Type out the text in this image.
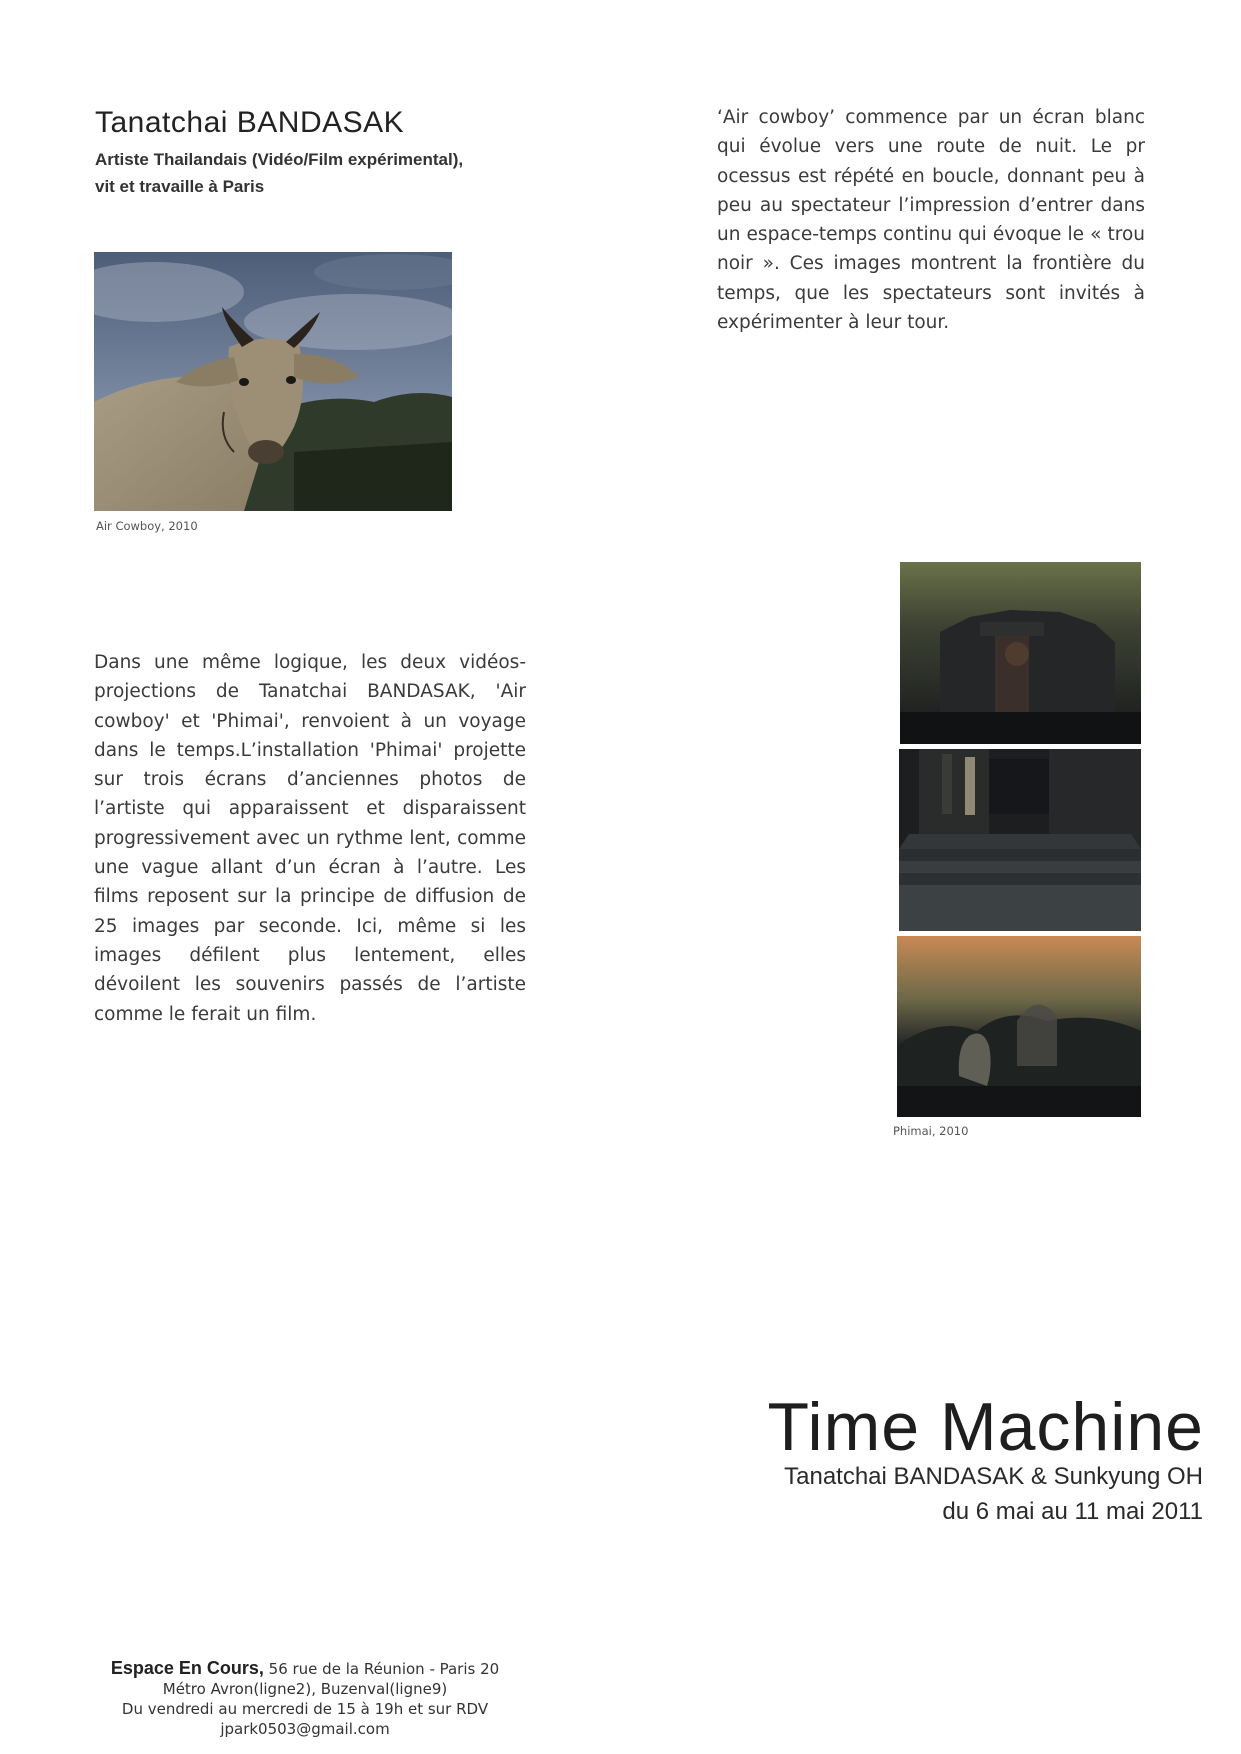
Tanatchai BANDASAK
Artiste Thailandais (Vidéo/Film expérimental),
vit et travaille à Paris
‘Air cowboy’ commence par un écran blanc qui évolue vers une route de nuit. Le pr ocessus est répété en boucle, donnant peu à peu au spectateur l’impression d’entrer dans un espace-temps continu qui évoque le « trou noir ». Ces images montrent la frontière du temps, que les spectateurs sont invités à expérimenter à leur tour.
Air Cowboy, 2010
Dans une même logique, les deux vidéos-projections de Tanatchai BANDASAK, 'Air cowboy' et 'Phimai', renvoient à un voyage dans le temps.L’installation 'Phimai' projette sur trois écrans d’anciennes photos de l’artiste qui apparaissent et disparaissent progressivement avec un rythme lent, comme une vague allant d’un écran à l’autre. Les films reposent sur la principe de diffusion de 25 images par seconde. Ici, même si les images défilent plus lentement, elles dévoilent les souvenirs passés de l’artiste comme le ferait un film.
Phimai, 2010
Time Machine
Tanatchai BANDASAK & Sunkyung OH
du 6 mai au 11 mai 2011
Espace En Cours, 56 rue de la Réunion - Paris 20
Métro Avron(ligne2), Buzenval(ligne9)
Du vendredi au mercredi de 15 à 19h et sur RDV
jpark0503@gmail.com
